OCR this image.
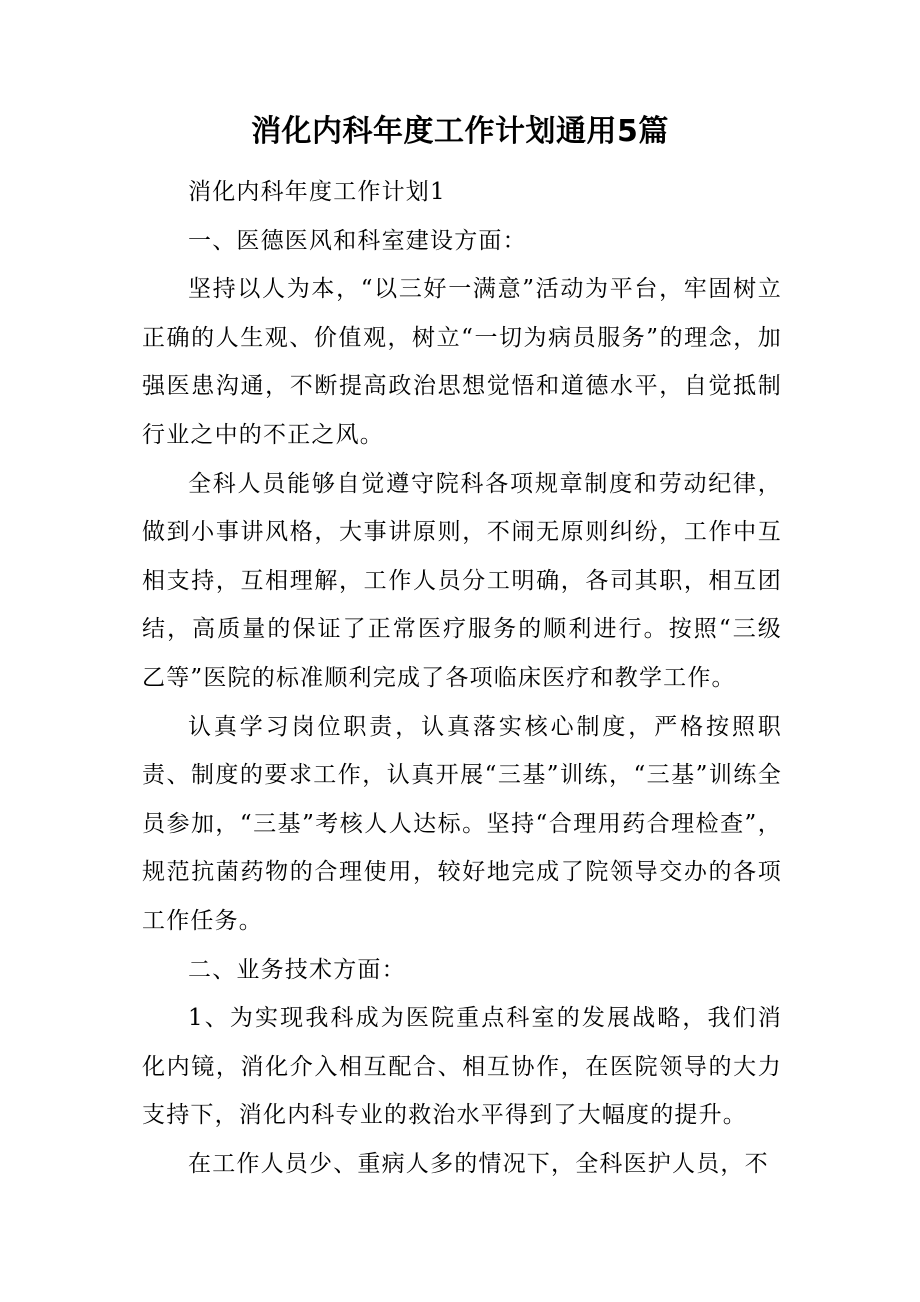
消化内科年度工作计划通用5篇

消化内科年度工作计划1

一、医德医风和科室建设方面：

坚持以人为本，“以三好一满意”活动为平台，牢固树立正确的人生观、价值观，树立“一切为病员服务”的理念，加强医患沟通，不断提高政治思想觉悟和道德水平，自觉抵制行业之中的不正之风。

全科人员能够自觉遵守院科各项规章制度和劳动纪律，做到小事讲风格，大事讲原则，不闹无原则纠纷，工作中互相支持，互相理解，工作人员分工明确，各司其职，相互团结，高质量的保证了正常医疗服务的顺利进行。按照“三级乙等”医院的标准顺利完成了各项临床医疗和教学工作。

认真学习岗位职责，认真落实核心制度，严格按照职责、制度的要求工作，认真开展“三基”训练，“三基”训练全员参加，“三基”考核人人达标。坚持“合理用药合理检查”，规范抗菌药物的合理使用，较好地完成了院领导交办的各项工作任务。

二、业务技术方面：

1、为实现我科成为医院重点科室的发展战略，我们消化内镜，消化介入相互配合、相互协作，在医院领导的大力支持下，消化内科专业的救治水平得到了大幅度的提升。

在工作人员少、重病人多的情况下，全科医护人员，不
